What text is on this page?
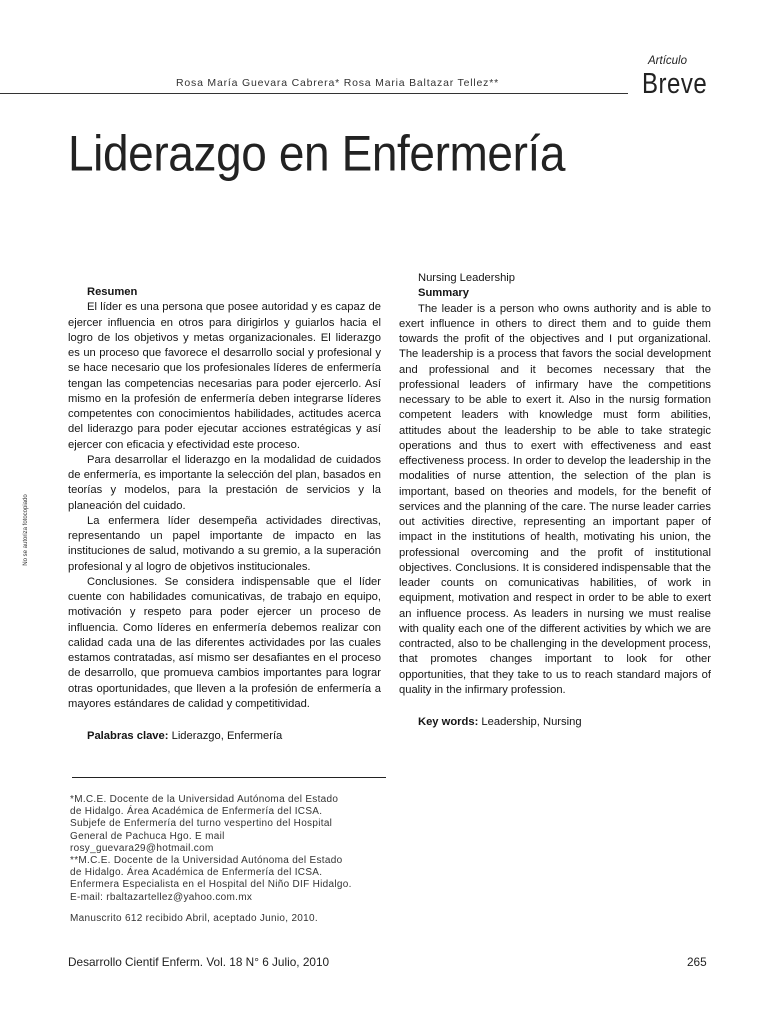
Artículo
Breve
Rosa María Guevara Cabrera* Rosa Maria Baltazar Tellez**
Liderazgo en Enfermería
No se autoriza fotocopiado
Resumen

El líder es una persona que posee autoridad y es capaz de ejercer influencia en otros para dirigirlos y guiarlos hacia el logro de los objetivos y metas organizacionales. El liderazgo es un proceso que favorece el desarrollo social y profesional y se hace necesario que los profesionales líderes de enfermería tengan las competencias necesarias para poder ejercerlo. Así mismo en la profesión de enfermería deben integrarse líderes competentes con conocimientos habilidades, actitudes acerca del liderazgo para poder ejecutar acciones estratégicas y así ejercer con eficacia y efectividad este proceso.

Para desarrollar el liderazgo en la modalidad de cuidados de enfermería, es importante la selección del plan, basados en teorías y modelos, para la prestación de servicios y la planeación del cuidado.

La enfermera líder desempeña actividades directivas, representando un papel importante de impacto en las instituciones de salud, motivando a su gremio, a la superación profesional y al logro de objetivos institucionales.

Conclusiones. Se considera indispensable que el líder cuente con habilidades comunicativas, de trabajo en equipo, motivación y respeto para poder ejercer un proceso de influencia. Como líderes en enfermería debemos realizar con calidad cada una de las diferentes actividades por las cuales estamos contratadas, así mismo ser desafiantes en el proceso de desarrollo, que promueva cambios importantes para lograr otras oportunidades, que lleven a la profesión de enfermería a mayores estándares de calidad y competitividad.

Palabras clave: Liderazgo, Enfermería
Nursing Leadership
Summary

The leader is a person who owns authority and is able to exert influence in others to direct them and to guide them towards the profit of the objectives and I put organizational. The leadership is a process that favors the social development and professional and it becomes necessary that the professional leaders of infirmary have the competitions necessary to be able to exert it. Also in the nursig formation competent leaders with knowledge must form abilities, attitudes about the leadership to be able to take strategic operations and thus to exert with effectiveness and east effectiveness process. In order to develop the leadership in the modalities of nurse attention, the selection of the plan is important, based on theories and models, for the benefit of services and the planning of the care. The nurse leader carries out activities directive, representing an important paper of impact in the institutions of health, motivating his union, the professional overcoming and the profit of institutional objectives. Conclusions. It is considered indispensable that the leader counts on comunicativas habilities, of work in equipment, motivation and respect in order to be able to exert an influence process. As leaders in nursing we must realise with quality each one of the different activities by which we are contracted, also to be challenging in the development process, that promotes changes important to look for other opportunities, that they take to us to reach standard majors of quality in the infirmary profession.

Key words: Leadership, Nursing
*M.C.E. Docente de la Universidad Autónoma del Estado
de Hidalgo. Área Académica de Enfermería del ICSA.
Subjefe de Enfermería del turno vespertino del Hospital
General de Pachuca Hgo. E mail
rosy_guevara29@hotmail.com
**M.C.E. Docente de la Universidad Autónoma del Estado
de Hidalgo. Área Académica de Enfermería del ICSA.
Enfermera Especialista en el Hospital del Niño DIF Hidalgo.
E-mail: rbaltazartellez@yahoo.com.mx
Manuscrito 612 recibido Abril, aceptado Junio, 2010.
Desarrollo Cientif Enferm. Vol. 18 N° 6 Julio, 2010	265
